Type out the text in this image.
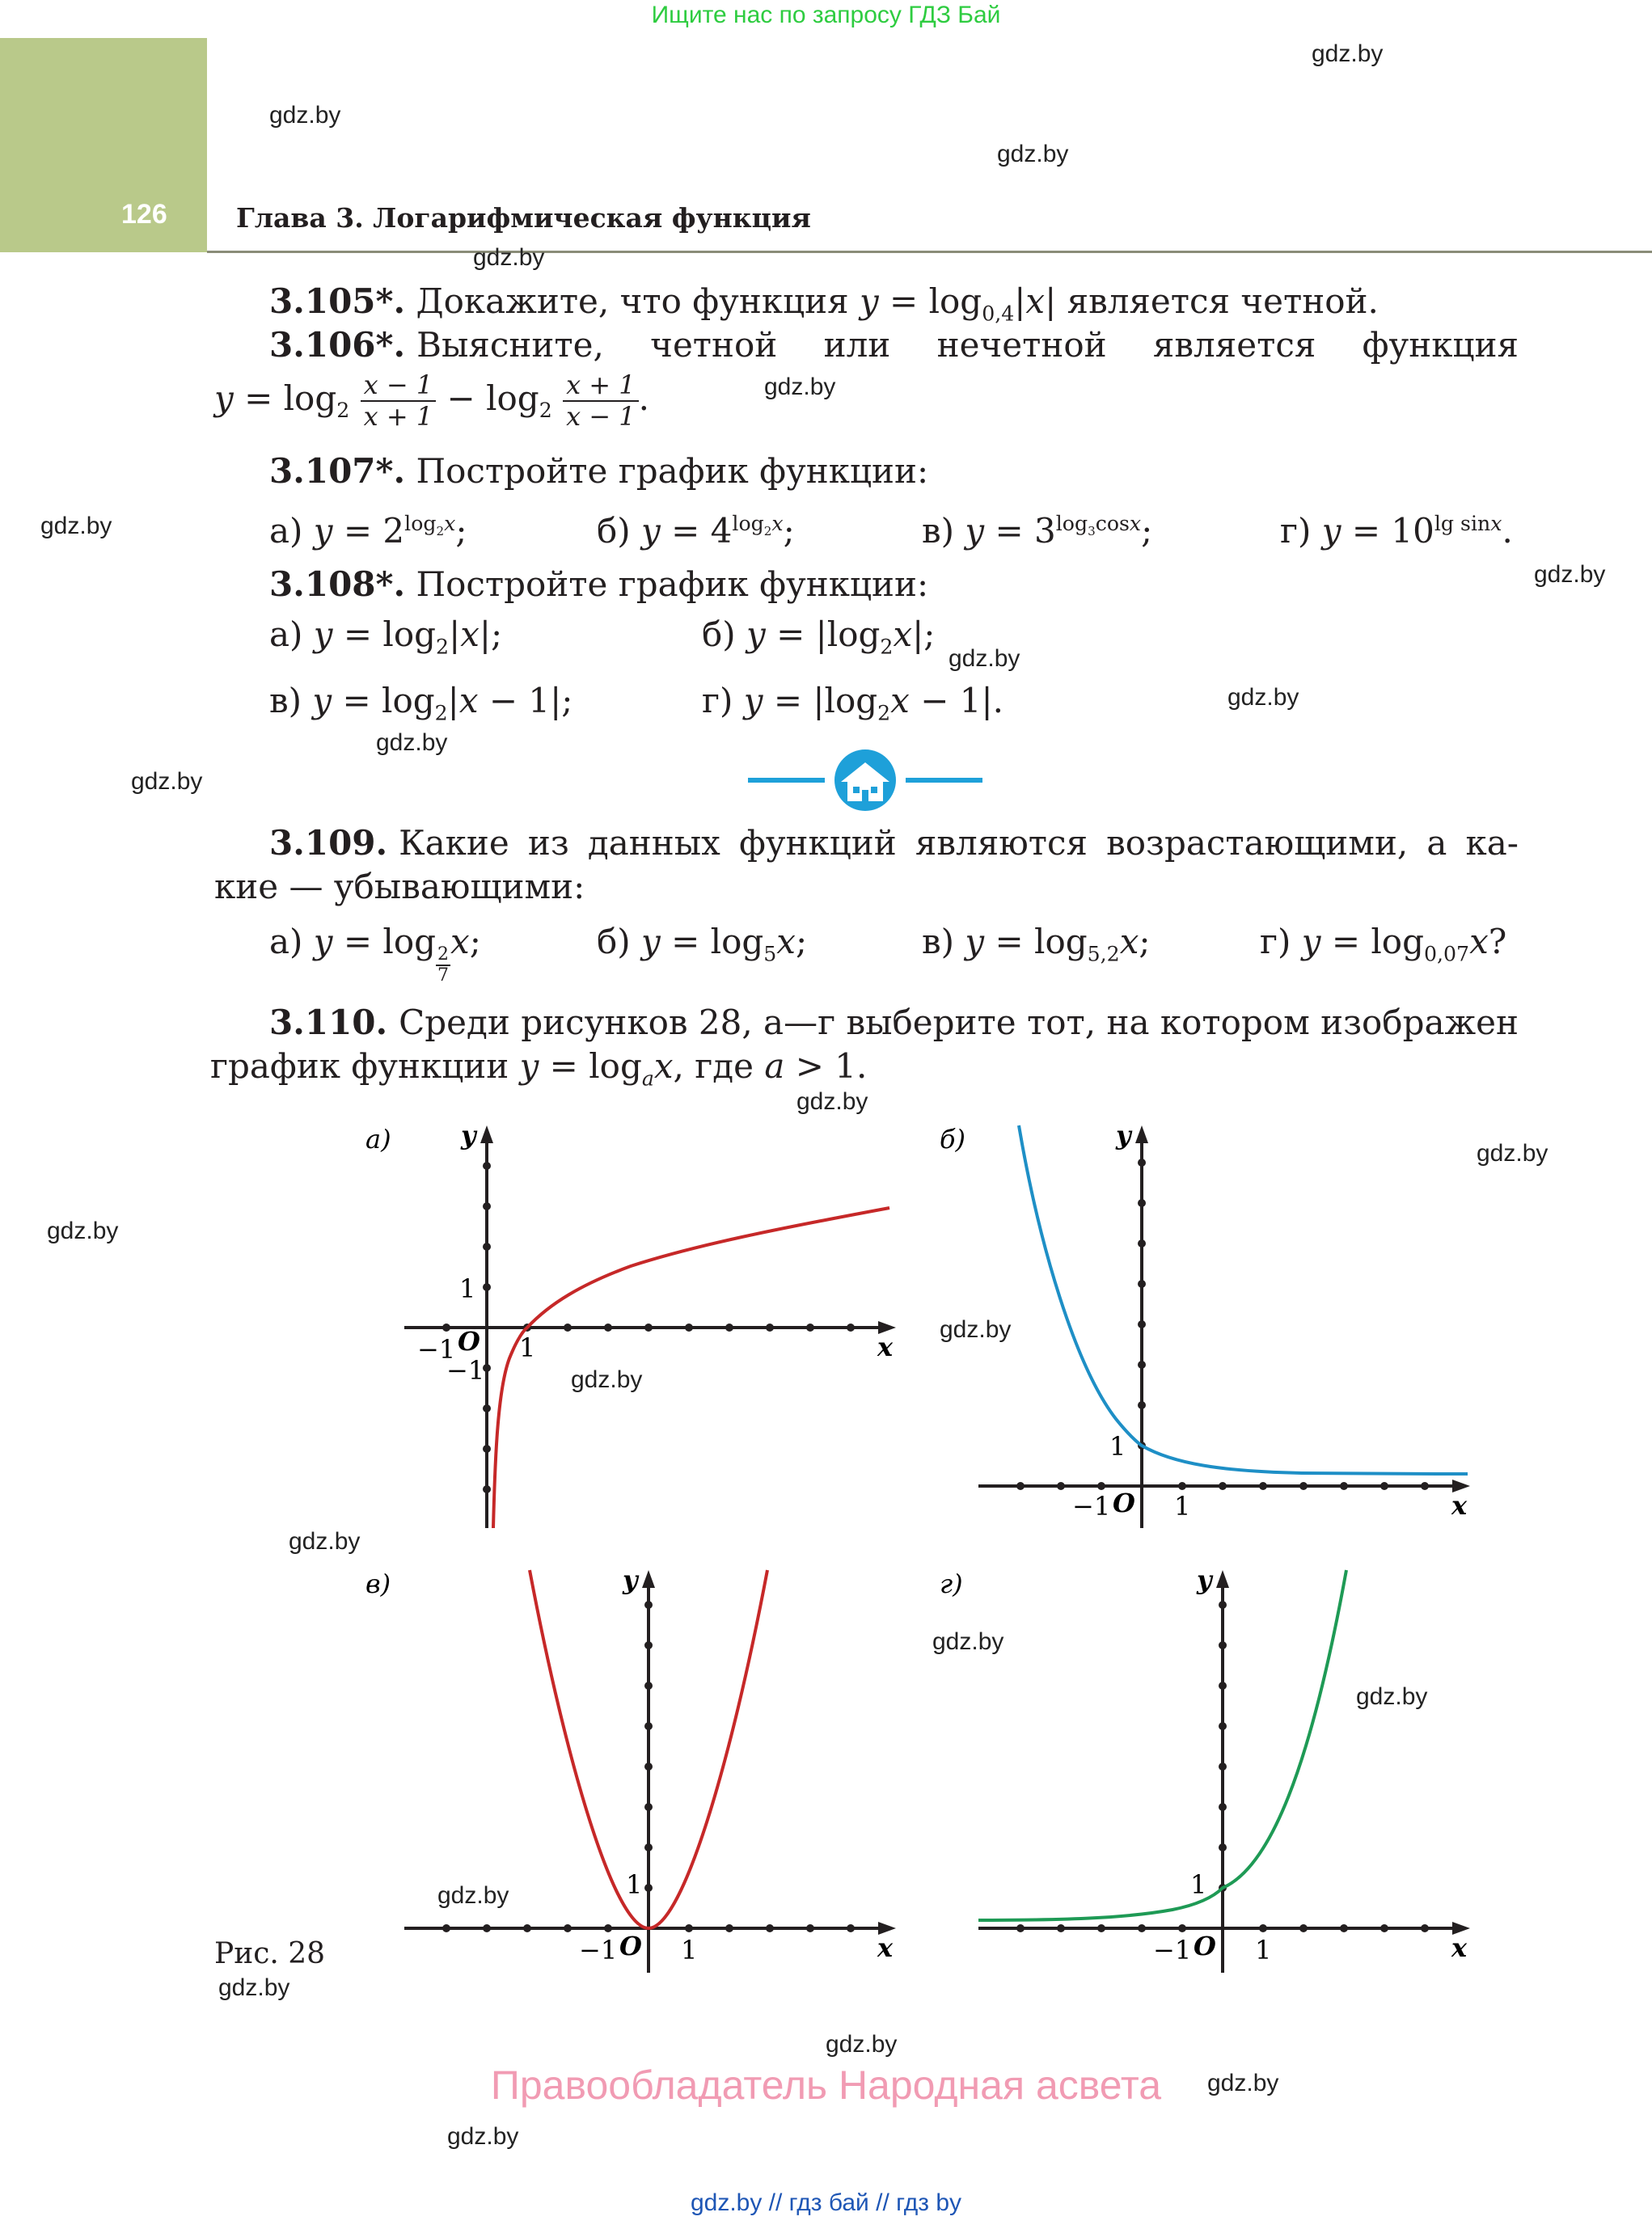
Ищите нас по запросу ГДЗ Бай
126	Глава 3. Логарифмическая функция
gdz.by
gdz.by
gdz.by
gdz.by
gdz.by
gdz.by
gdz.by
gdz.by
gdz.by
gdz.by
gdz.by
gdz.by
gdz.by
gdz.by
gdz.by
gdz.by
gdz.by
gdz.by
gdz.by
gdz.by
gdz.by
gdz.by
gdz.by
gdz.by
3.105*. Докажите, что функция $y = \log_{0,4}|x|$ является четной.
3.106*. Выясните, четной или нечетной является функция
$y = \log_2 \frac{x - 1}{x + 1} - \log_2 \frac{x + 1}{x - 1}$ .
3.107*. Постройте график функции:
а) $y = 2^{log_2x}$;	б) $y = 4^{log_2x}$;	в) $y = 3^{log_3cosx}$;	г) $y = 10^{lg sinx}$.
3.108*. Постройте график функции:
а) $y = \log_2|x|$;	б) $y = |\log_2x|$;
в) $y = \log_2|x - 1|$;	г) $y = |\log_2x - 1|$.
3.109. Какие из данных функций являются возрастающими, а ка-
кие — убывающими:
а) y = log
$\frac{2}{7}$
x;	б) $y = \log_5x$;	в) $y = \log_{5,2}x$;	г) $y = \log_{0,07}x$?
3.110. Среди рисунков 28, а—г выберите тот, на котором изображен
график функции $y = \log_ax$, где a > 1.
а)
1
−1 1
−1
O	x
y	б)
1
−1 1
O	x
y
в)
1
−1 1
O	x
y	г)
1
−1 1
O	x
y
Рис. 28
Правообладатель Народная асвета
gdz.by // гдз бай // гдз by
